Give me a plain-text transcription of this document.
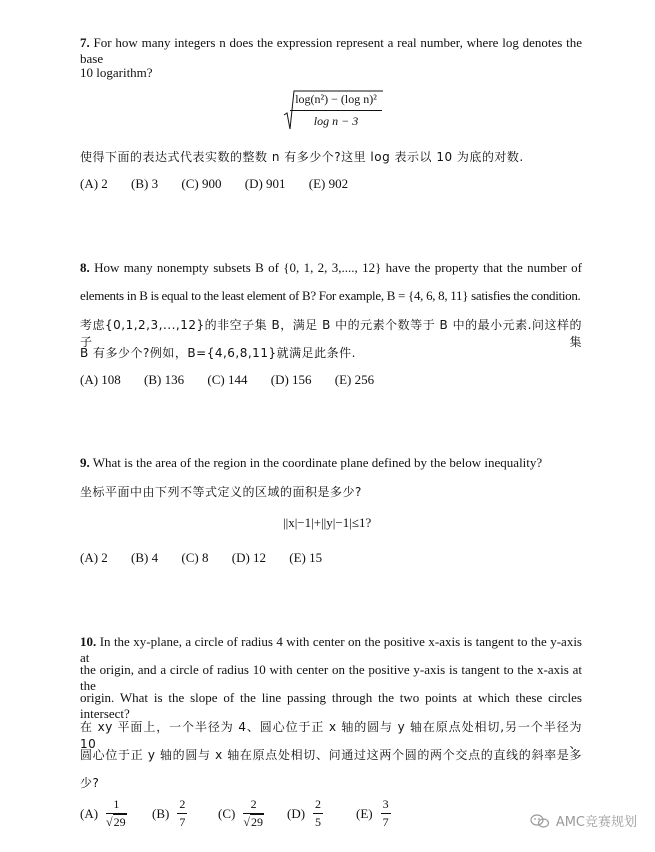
7. For how many integers n does the expression represent a real number, where log denotes the base
10 logarithm?
$\frac{\text{log(n²) − (log n)²}}{\text{log n − 3}}$
使得下面的表达式代表实数的整数 n 有多少个?这里 log 表示以 10 为底的对数.
(A) 2 (B) 3 (C) 900 (D) 901 (E) 902
8. How many nonempty subsets B of {0, 1, 2, 3,...., 12} have the property that the number of
elements in B is equal to the least element of B? For example, B = {4, 6, 8, 11} satisfies the condition.
考虑{0,1,2,3,...,12}的非空子集 B，满足 B 中的元素个数等于 B 中的最小元素.问这样的子集
B 有多少个?例如，B={4,6,8,11}就满足此条件.
(A) 108 (B) 136 (C) 144 (D) 156 (E) 256
9. What is the area of the region in the coordinate plane defined by the below inequality?
坐标平面中由下列不等式定义的区域的面积是多少?
||x|−1|+||y|−1|≤1?
(A) 2 (B) 4 (C) 8 (D) 12 (E) 15
10. In the xy-plane, a circle of radius 4 with center on the positive x-axis is tangent to the y-axis at
the origin, and a circle of radius 10 with center on the positive y-axis is tangent to the x-axis at the
origin. What is the slope of the line passing through the two points at which these circles intersect?
在 xy 平面上，一个半径为 4、圆心位于正 x 轴的圆与 y 轴在原点处相切,另一个半径为 10、
圆心位于正 y 轴的圆与 x 轴在原点处相切、问通过这两个圆的两个交点的直线的斜率是多
少?
$(A) \frac{1}{√29} (B) \frac{2}{7} (C) \frac{2}{√29} (D) \frac{2}{5}$	$(E) \frac{3}{7}$	AMC竞赛规划
